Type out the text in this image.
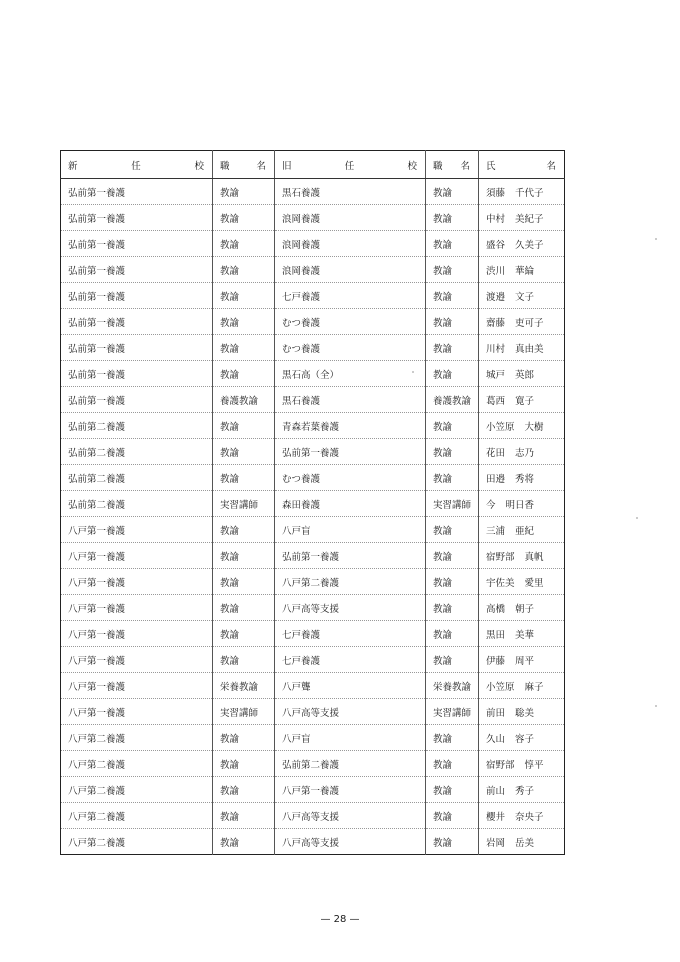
新 任 校	職 名	旧 任 校	職 名	氏 名

弘前第一養護	教諭	黒石養護	教諭	須藤 千代子

弘前第一養護	教諭	浪岡養護	教諭	中村 美紀子

弘前第一養護	教諭	浪岡養護	教諭	盛谷 久美子

弘前第一養護	教諭	浪岡養護	教諭	渋川 華綸

弘前第一養護	教諭	七戸養護	教諭	渡邉 文子

弘前第一養護	教諭	むつ養護	教諭	齋藤 吏可子

弘前第一養護	教諭	むつ養護	教諭	川村 真由美

弘前第一養護	教諭	黒石高（全）	教諭	城戸 英郎

弘前第一養護	養護教諭	黒石養護	養護教諭	葛西 寛子

弘前第二養護	教諭	青森若葉養護	教諭	小笠原 大樹

弘前第二養護	教諭	弘前第一養護	教諭	花田 志乃

弘前第二養護	教諭	むつ養護	教諭	田邉 秀将

弘前第二養護	実習講師	森田養護	実習講師	今 明日香

八戸第一養護	教諭	八戸盲	教諭	三浦 亜紀

八戸第一養護	教諭	弘前第一養護	教諭	宿野部 真帆

八戸第一養護	教諭	八戸第二養護	教諭	宇佐美 愛里

八戸第一養護	教諭	八戸高等支援	教諭	高橋 朝子

八戸第一養護	教諭	七戸養護	教諭	黒田 美華

八戸第一養護	教諭	七戸養護	教諭	伊藤 周平

八戸第一養護	栄養教諭	八戸聾	栄養教諭	小笠原 麻子

八戸第一養護	実習講師	八戸高等支援	実習講師	前田 聡美

八戸第二養護	教諭	八戸盲	教諭	久山 容子

八戸第二養護	教諭	弘前第二養護	教諭	宿野部 惇平

八戸第二養護	教諭	八戸第一養護	教諭	前山 秀子

八戸第二養護	教諭	八戸高等支援	教諭	櫻井 奈央子

八戸第二養護	教諭	八戸高等支援	教諭	岩岡 岳美
— 28 —
